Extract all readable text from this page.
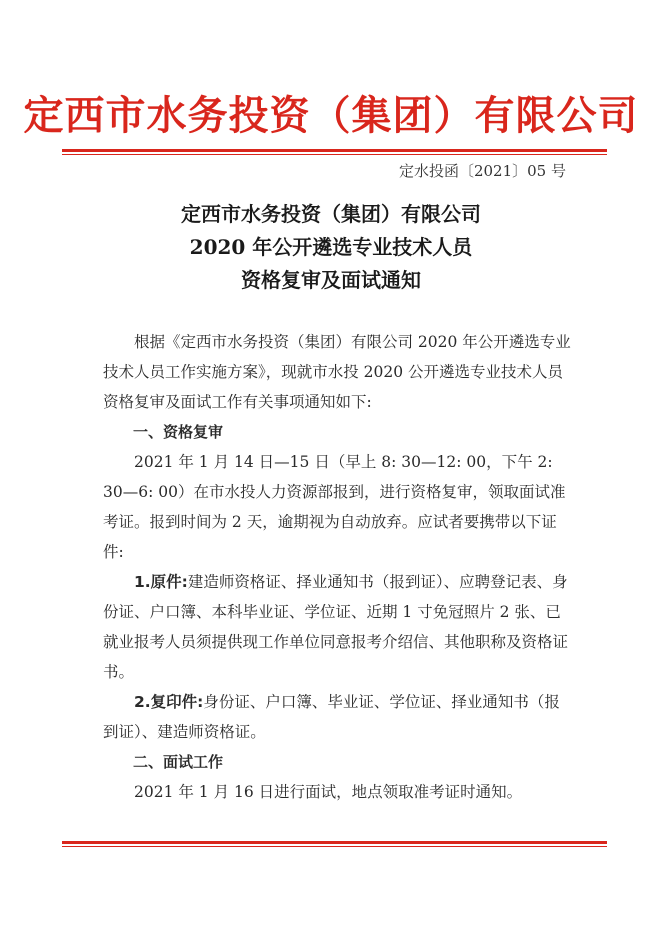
定西市水务投资（集团）有限公司
定水投函〔2021〕05 号
定西市水务投资（集团）有限公司
2020 年公开遴选专业技术人员
资格复审及面试通知

根据《定西市水务投资（集团）有限公司 2020 年公开遴选专业技术人员工作实施方案》，现就市水投 2020 公开遴选专业技术人员资格复审及面试工作有关事项通知如下:

一、资格复审

2021 年 1 月 14 日—15 日（早上 8: 30—12: 00，下午 2: 30—6: 00）在市水投人力资源部报到，进行资格复审，领取面试准考证。报到时间为 2 天，逾期视为自动放弃。应试者要携带以下证件:

1.原件:建造师资格证、择业通知书（报到证）、应聘登记表、身份证、户口簿、本科毕业证、学位证、近期 1 寸免冠照片 2 张、已就业报考人员须提供现工作单位同意报考介绍信、其他职称及资格证书。

2.复印件:身份证、户口簿、毕业证、学位证、择业通知书（报到证）、建造师资格证。

二、面试工作

2021 年 1 月 16 日进行面试，地点领取准考证时通知。
